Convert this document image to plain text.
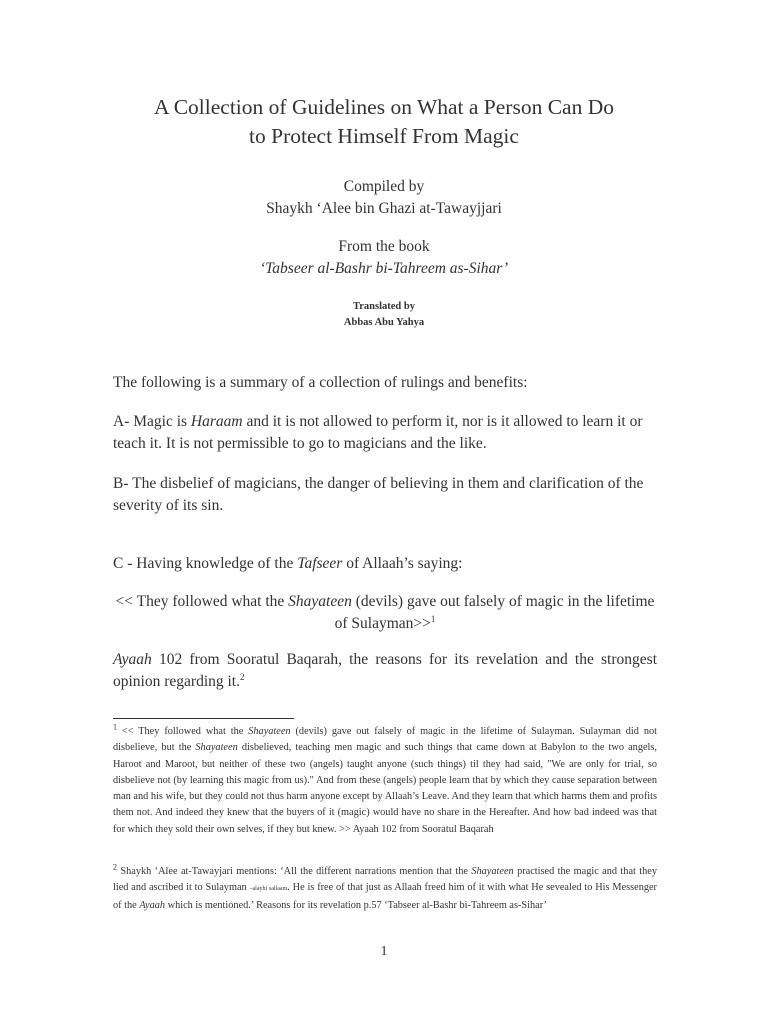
A Collection of Guidelines on What a Person Can Do
to Protect Himself From Magic
Compiled by
Shaykh ‘Alee bin Ghazi at-Tawayjjari
From the book
‘Tabseer al-Bashr bi-Tahreem as-Sihar’
Translated by
Abbas Abu Yahya
The following is a summary of a collection of rulings and benefits:
A- Magic is Haraam and it is not allowed to perform it, nor is it allowed to learn it or teach it. It is not permissible to go to magicians and the like.
B- The disbelief of magicians, the danger of believing in them and clarification of the severity of its sin.
C - Having knowledge of the Tafseer of Allaah’s saying:
<< They followed what the Shayateen (devils) gave out falsely of magic in the lifetime of Sulayman>>$^1$
Ayaah 102 from Sooratul Baqarah, the reasons for its revelation and the strongest opinion regarding it.$^2$
$^1$ << They followed what the Shayateen (devils) gave out falsely of magic in the lifetime of Sulayman. Sulayman did not disbelieve, but the Shayateen disbelieved, teaching men magic and such things that came down at Babylon to the two angels, Haroot and Maroot, but neither of these two (angels) taught anyone (such things) til they had said, "We are only for trial, so disbelieve not (by learning this magic from us)." And from these (angels) people learn that by which they cause separation between man and his wife, but they could not thus harm anyone except by Allaah’s Leave. And they learn that which harms them and profits them not. And indeed they knew that the buyers of it (magic) would have no share in the Hereafter. And how bad indeed was that for which they sold their own selves, if they but knew. >> Ayaah 102 from Sooratul Baqarah
$^2$ Shaykh ‘Alee at-Tawayjari mentions: ‘All the different narrations mention that the Shayateen practised the magic and that they lied and ascribed it to Sulayman –alayhi sallaam. He is free of that just as Allaah freed him of it with what He sevealed to His Messenger of the Ayaah which is mentioned.’ Reasons for its revelation p.57 ‘Tabseer al-Bashr bi-Tahreem as-Sihar’
1
